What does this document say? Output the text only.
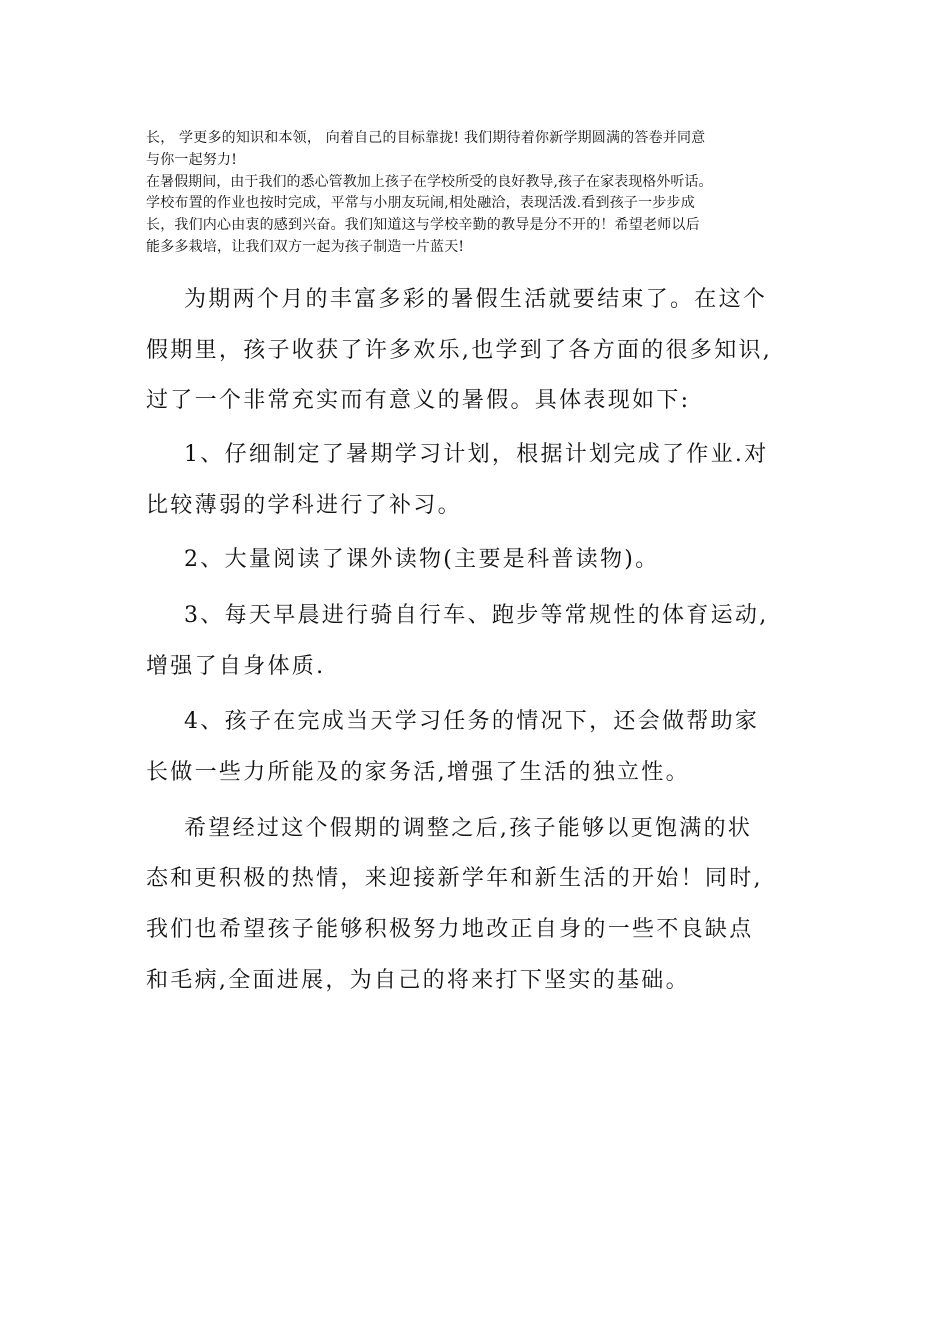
长， 学更多的知识和本领， 向着自己的目标靠拢! 我们期待着你新学期圆满的答卷并同意
与你一起努力!
在暑假期间，由于我们的悉心管教加上孩子在学校所受的良好教导,孩子在家表现格外听话。
学校布置的作业也按时完成，平常与小朋友玩闹,相处融洽，表现活泼.看到孩子一步步成
长，我们内心由衷的感到兴奋。我们知道这与学校辛勤的教导是分不开的！希望老师以后
能多多栽培，让我们双方一起为孩子制造一片蓝天!
为期两个月的丰富多彩的暑假生活就要结束了。在这个
假期里，孩子收获了许多欢乐,也学到了各方面的很多知识,
过了一个非常充实而有意义的暑假。具体表现如下:
1、仔细制定了暑期学习计划，根据计划完成了作业.对
比较薄弱的学科进行了补习。
2、大量阅读了课外读物(主要是科普读物)。
3、每天早晨进行骑自行车、跑步等常规性的体育运动,
增强了自身体质.
4、孩子在完成当天学习任务的情况下，还会做帮助家
长做一些力所能及的家务活,增强了生活的独立性。
希望经过这个假期的调整之后,孩子能够以更饱满的状
态和更积极的热情，来迎接新学年和新生活的开始！同时,
我们也希望孩子能够积极努力地改正自身的一些不良缺点
和毛病,全面进展，为自己的将来打下坚实的基础。
